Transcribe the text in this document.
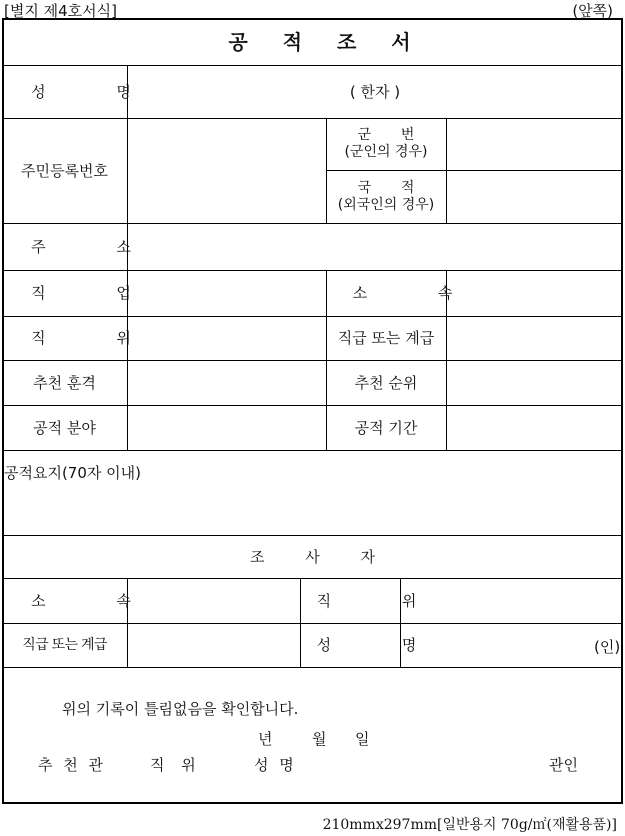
[별지 제4호서식]	(앞쪽)
공 적 조 서
성 명	( 한자 )
주민등록번호
군 번
(군인의 경우)
국 적
(외국인의 경우)
주 소
직 업	소 속
직 위	직급 또는 계급
추천 훈격	추천 순위
공적 분야	공적 기간
공적요지(70자 이내)
조 사 자
소 속	직 위
직급 또는 계급	성 명	(인)
위의 기록이 틀림없음을 확인합니다.
년	월 일
추 천 관	직 위	성 명	관인
210mmx297mm[일반용지 70g/㎡(재활용품)]
